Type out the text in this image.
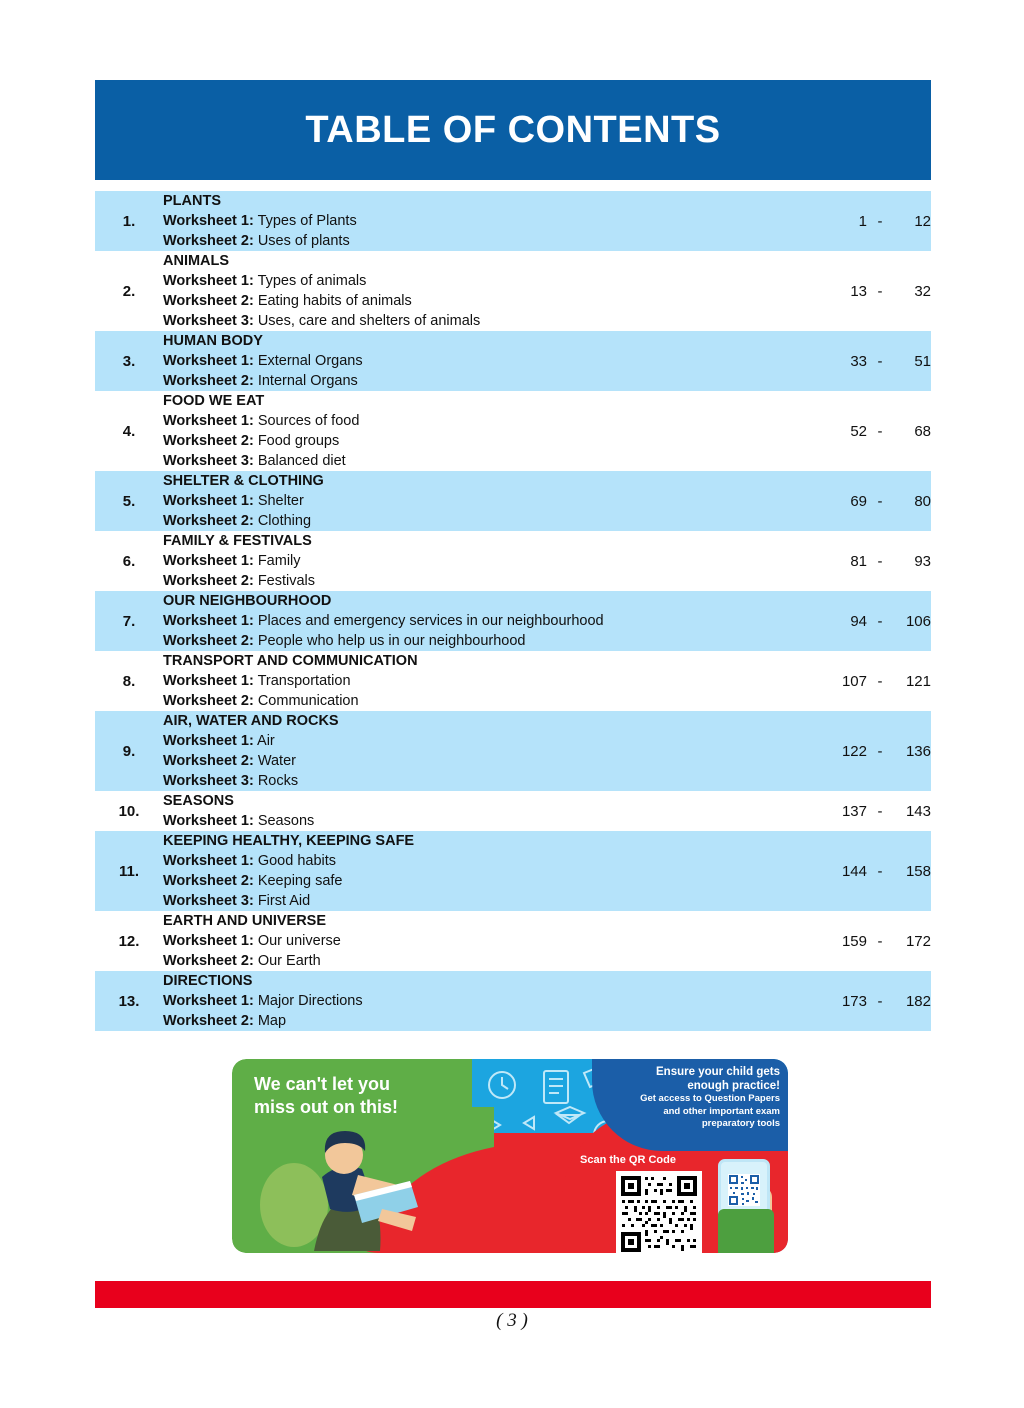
TABLE OF CONTENTS
1.	
PLANTS
Worksheet 1: Types of Plants
Worksheet 2: Uses of plants

1 -	12

2.	
ANIMALS
Worksheet 1: Types of animals
Worksheet 2: Eating habits of animals
Worksheet 3: Uses, care and shelters of animals

13 -	32

3.	
HUMAN BODY
Worksheet 1: External Organs
Worksheet 2: Internal Organs

33 -	51

4.	
FOOD WE EAT
Worksheet 1: Sources of food
Worksheet 2: Food groups
Worksheet 3: Balanced diet

52 -	68

5.	
SHELTER & CLOTHING
Worksheet 1: Shelter
Worksheet 2: Clothing

69 -	80

6.	
FAMILY & FESTIVALS
Worksheet 1: Family
Worksheet 2: Festivals

81 -	93

7.	
OUR NEIGHBOURHOOD
Worksheet 1: Places and emergency services in our neighbourhood
Worksheet 2: People who help us in our neighbourhood

94 -	106

8.	
TRANSPORT AND COMMUNICATION
Worksheet 1: Transportation
Worksheet 2: Communication

107 -	121

9.	
AIR, WATER AND ROCKS
Worksheet 1: Air
Worksheet 2: Water
Worksheet 3: Rocks

122 -	136

10.	
SEASONS
Worksheet 1: Seasons

137 -	143

11.	
KEEPING HEALTHY, KEEPING SAFE
Worksheet 1: Good habits
Worksheet 2: Keeping safe
Worksheet 3: First Aid

144 -	158

12.	
EARTH AND UNIVERSE
Worksheet 1: Our universe
Worksheet 2: Our Earth

159 -	172

13.	
DIRECTIONS
Worksheet 1: Major Directions
Worksheet 2: Map

173 -	182
We can't let you
miss out on this!
Ensure your child gets
enough practice!
Get access to Question Papers
and other important exam
preparatory tools
Scan the QR Code
( 3 )
